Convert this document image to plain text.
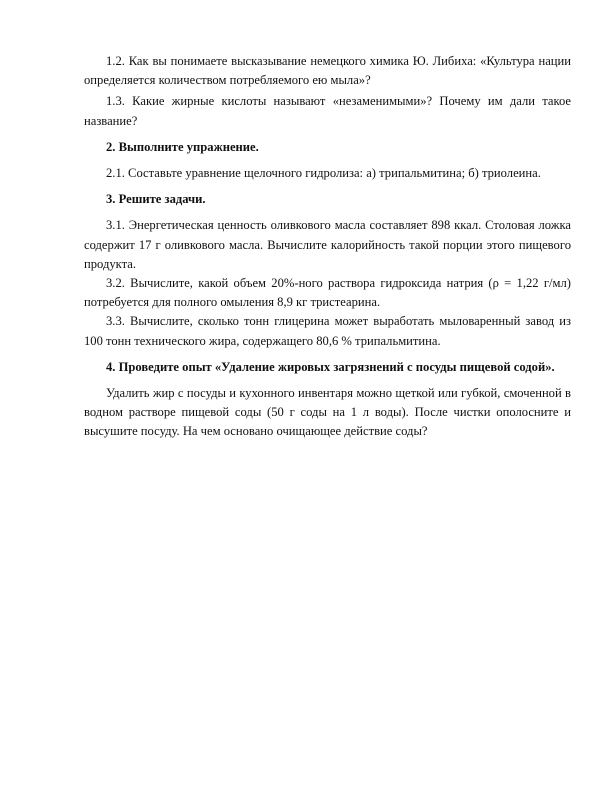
1.2. Как вы понимаете высказывание немецкого химика Ю. Либиха: «Культура нации определяется количеством потребляемого ею мыла»?

1.3. Какие жирные кислоты называют «незаменимыми»? Почему им дали такое название?

2. Выполните упражнение.

2.1. Составьте уравнение щелочного гидролиза: а) трипальмитина; б) триолеина.

3. Решите задачи.

3.1. Энергетическая ценность оливкового масла составляет 898 ккал. Столовая ложка содержит 17 г оливкового масла. Вычислите калорийность такой порции этого пищевого продукта.

3.2. Вычислите, какой объем 20%-ного раствора гидроксида натрия (ρ = 1,22 г/мл) потребуется для полного омыления 8,9 кг тристеарина.

3.3. Вычислите, сколько тонн глицерина может выработать мыловаренный завод из 100 тонн технического жира, содержащего 80,6 % трипальмитина.

4. Проведите опыт «Удаление жировых загрязнений с посуды пищевой содой».

Удалить жир с посуды и кухонного инвентаря можно щеткой или губкой, смоченной в водном растворе пищевой соды (50 г соды на 1 л воды). После чистки ополосните и высушите посуду. На чем основано очищающее действие соды?
